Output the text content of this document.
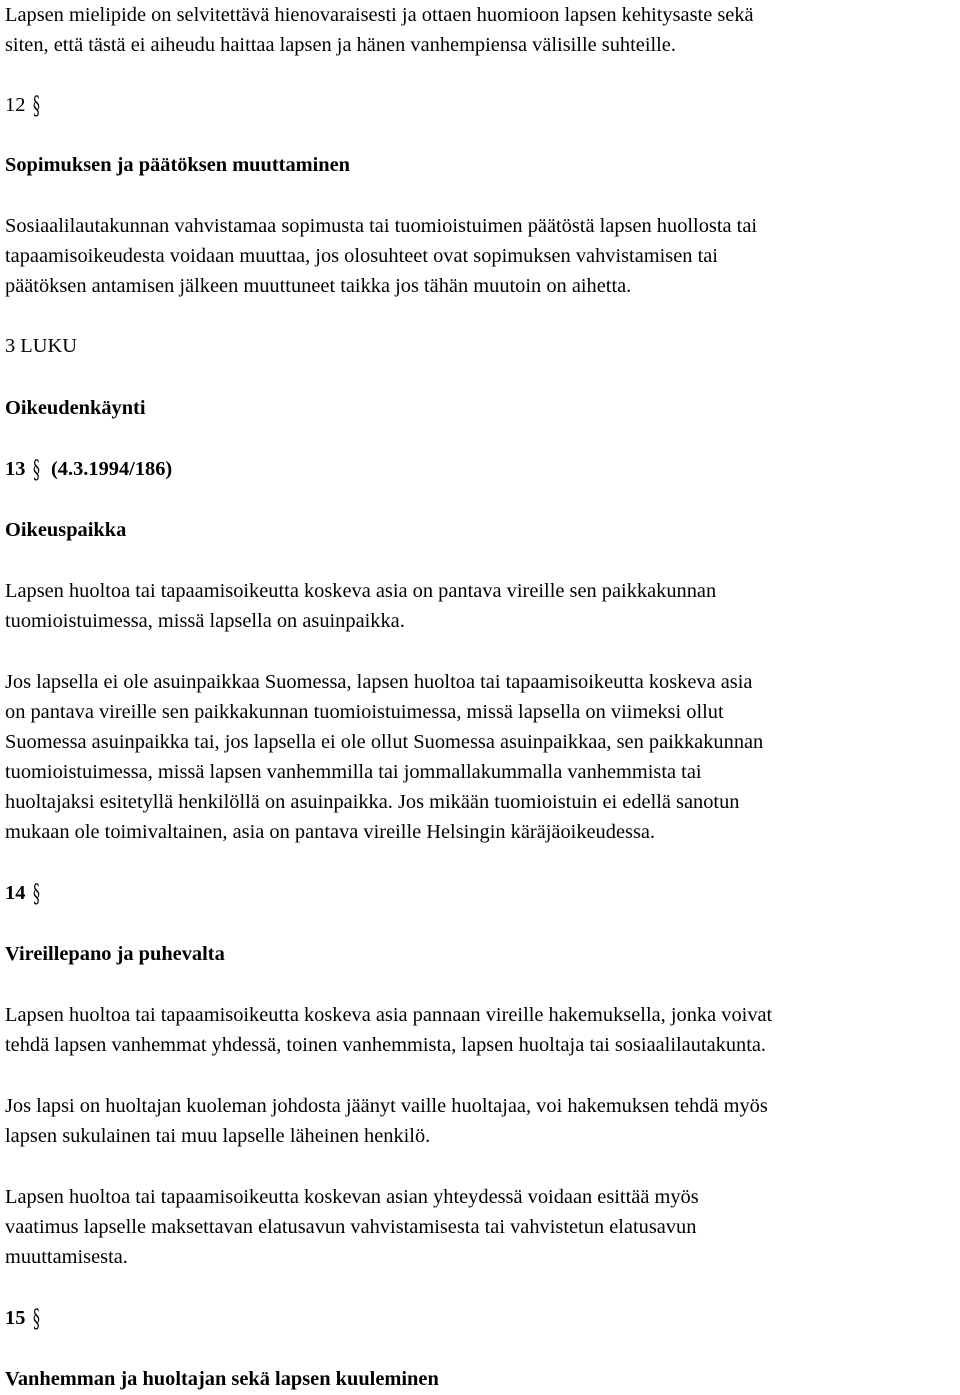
Lapsen mielipide on selvitettävä hienovaraisesti ja ottaen huomioon lapsen kehitysaste sekä
siten, että tästä ei aiheudu haittaa lapsen ja hänen vanhempiensa välisille suhteille.

12 §

Sopimuksen ja päätöksen muuttaminen

Sosiaalilautakunnan vahvistamaa sopimusta tai tuomioistuimen päätöstä lapsen huollosta tai
tapaamisoikeudesta voidaan muuttaa, jos olosuhteet ovat sopimuksen vahvistamisen tai
päätöksen antamisen jälkeen muuttuneet taikka jos tähän muutoin on aihetta.

3 LUKU

Oikeudenkäynti

13 § (4.3.1994/186)

Oikeuspaikka

Lapsen huoltoa tai tapaamisoikeutta koskeva asia on pantava vireille sen paikkakunnan
tuomioistuimessa, missä lapsella on asuinpaikka.

Jos lapsella ei ole asuinpaikkaa Suomessa, lapsen huoltoa tai tapaamisoikeutta koskeva asia
on pantava vireille sen paikkakunnan tuomioistuimessa, missä lapsella on viimeksi ollut
Suomessa asuinpaikka tai, jos lapsella ei ole ollut Suomessa asuinpaikkaa, sen paikkakunnan
tuomioistuimessa, missä lapsen vanhemmilla tai jommallakummalla vanhemmista tai
huoltajaksi esitetyllä henkilöllä on asuinpaikka. Jos mikään tuomioistuin ei edellä sanotun
mukaan ole toimivaltainen, asia on pantava vireille Helsingin käräjäoikeudessa.

14 §

Vireillepano ja puhevalta

Lapsen huoltoa tai tapaamisoikeutta koskeva asia pannaan vireille hakemuksella, jonka voivat
tehdä lapsen vanhemmat yhdessä, toinen vanhemmista, lapsen huoltaja tai sosiaalilautakunta.

Jos lapsi on huoltajan kuoleman johdosta jäänyt vaille huoltajaa, voi hakemuksen tehdä myös
lapsen sukulainen tai muu lapselle läheinen henkilö.

Lapsen huoltoa tai tapaamisoikeutta koskevan asian yhteydessä voidaan esittää myös
vaatimus lapselle maksettavan elatusavun vahvistamisesta tai vahvistetun elatusavun
muuttamisesta.

15 §

Vanhemman ja huoltajan sekä lapsen kuuleminen
